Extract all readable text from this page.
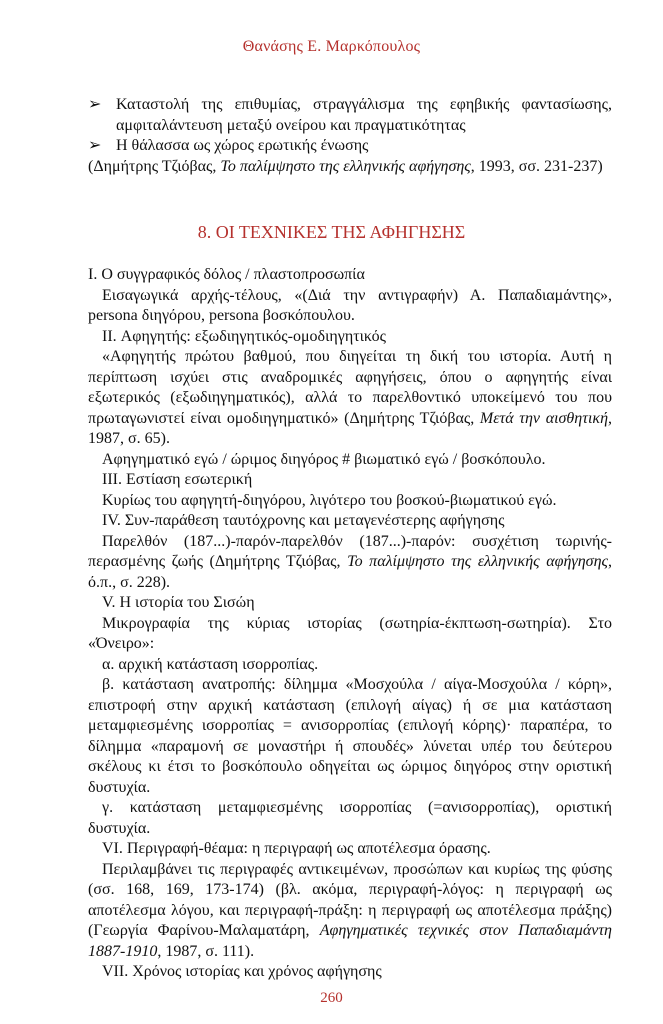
Θανάσης Ε. Μαρκόπουλος
➢ Καταστολή της επιθυμίας, στραγγάλισμα της εφηβικής φαντασίωσης, αμφιταλάντευση μεταξύ ονείρου και πραγματικότητας
➢ Η θάλασσα ως χώρος ερωτικής ένωσης
(Δημήτρης Τζιόβας, Το παλίμψηστο της ελληνικής αφήγησης, 1993, σσ. 231-237)
8. ΟΙ ΤΕΧΝΙΚΕΣ ΤΗΣ ΑΦΗΓΗΣΗΣ
I. Ο συγγραφικός δόλος / πλαστοπροσωπία
Εισαγωγικά αρχής-τέλους, «(Διά την αντιγραφήν) Α. Παπαδιαμάντης», persona διηγόρου, persona βοσκόπουλου.
II. Αφηγητής: εξωδιηγητικός-ομοδιηγητικός
«Αφηγητής πρώτου βαθμού, που διηγείται τη δική του ιστορία. Αυτή η περίπτωση ισχύει στις αναδρομικές αφηγήσεις, όπου ο αφηγητής είναι εξωτερικός (εξωδιηγηματικός), αλλά το παρελθοντικό υποκείμενό του που πρωταγωνιστεί είναι ομοδιηγηματικό» (Δημήτρης Τζιόβας, Μετά την αισθητική, 1987, σ. 65).
Αφηγηματικό εγώ / ώριμος διηγόρος # βιωματικό εγώ / βοσκόπουλο.
III. Εστίαση εσωτερική
Κυρίως του αφηγητή-διηγόρου, λιγότερο του βοσκού-βιωματικού εγώ.
IV. Συν-παράθεση ταυτόχρονης και μεταγενέστερης αφήγησης
Παρελθόν (187...)-παρόν-παρελθόν (187...)-παρόν: συσχέτιση τωρινής-περασμένης ζωής (Δημήτρης Τζιόβας, Το παλίμψηστο της ελληνικής αφήγησης, ό.π., σ. 228).
V. Η ιστορία του Σισώη
Μικρογραφία της κύριας ιστορίας (σωτηρία-έκπτωση-σωτηρία). Στο «Όνειρο»:
α. αρχική κατάσταση ισορροπίας.
β. κατάσταση ανατροπής: δίλημμα «Μοσχούλα / αίγα-Μοσχούλα / κόρη», επιστροφή στην αρχική κατάσταση (επιλογή αίγας) ή σε μια κατάσταση μεταμφιεσμένης ισορροπίας = ανισορροπίας (επιλογή κόρης)· παραπέρα, το δίλημμα «παραμονή σε μοναστήρι ή σπουδές» λύνεται υπέρ του δεύτερου σκέλους κι έτσι το βοσκόπουλο οδηγείται ως ώριμος διηγόρος στην οριστική δυστυχία.
γ. κατάσταση μεταμφιεσμένης ισορροπίας (=ανισορροπίας), οριστική δυστυχία.
VI. Περιγραφή-θέαμα: η περιγραφή ως αποτέλεσμα όρασης.
Περιλαμβάνει τις περιγραφές αντικειμένων, προσώπων και κυρίως της φύσης (σσ. 168, 169, 173-174) (βλ. ακόμα, περιγραφή-λόγος: η περιγραφή ως αποτέλεσμα λόγου, και περιγραφή-πράξη: η περιγραφή ως αποτέλεσμα πράξης) (Γεωργία Φαρίνου-Μαλαματάρη, Αφηγηματικές τεχνικές στον Παπαδιαμάντη 1887-1910, 1987, σ. 111).
VII. Χρόνος ιστορίας και χρόνος αφήγησης
260
